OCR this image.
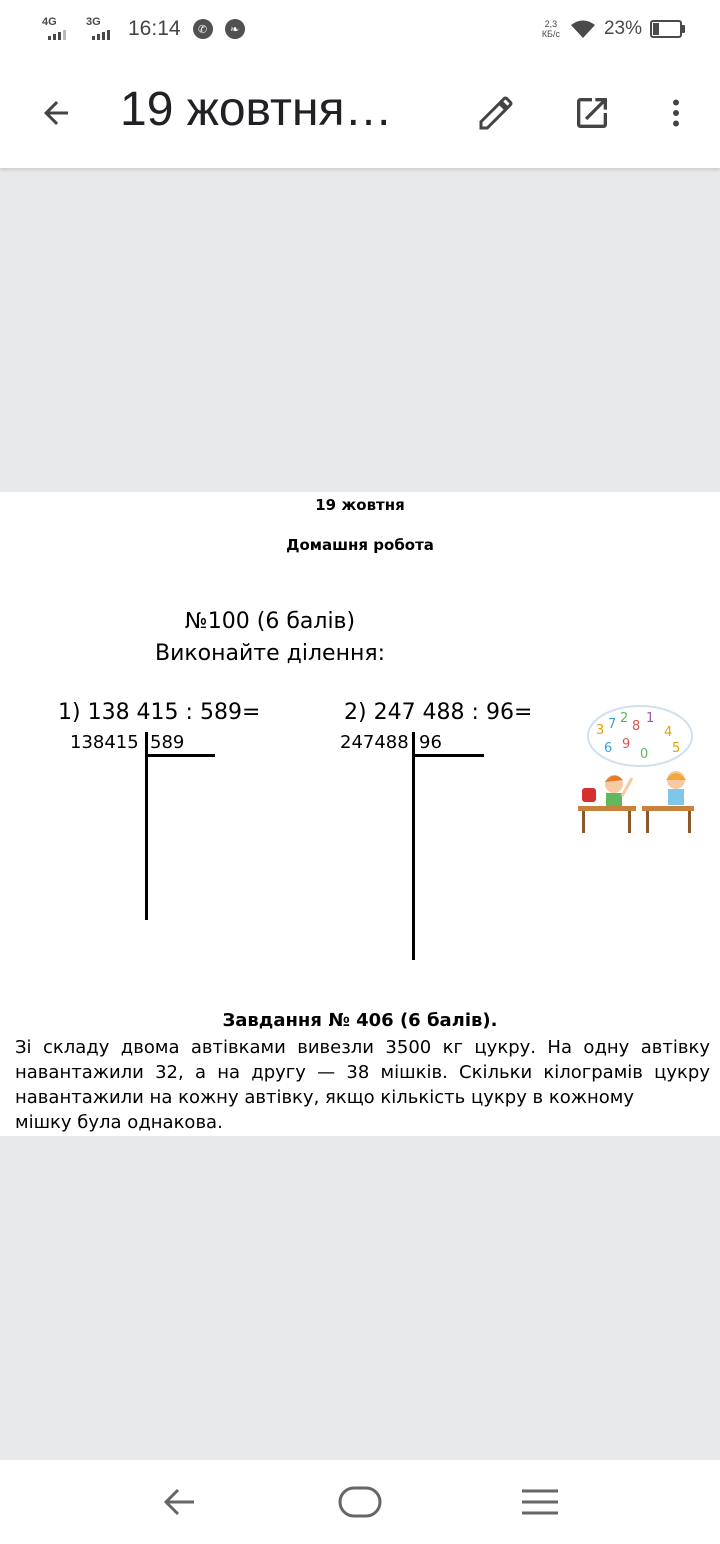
4G	3G 16:14	✆	❧	2,3
КБ/с 23%
19 жовтня…
19 жовтня
Домашня робота
№100 (6 балів)
Виконайте ділення:
1) 138 415 : 589=
138415 589
2) 247 488 : 96=
247488 96
3 7 2
8
1
4
6 9
0 5
Завдання № 406 (6 балів).
Зі складу двома автівками вивезли 3500 кг цукру. На одну автівку
навантажили 32, а на другу — 38 мішків. Скільки кілограмів цукру
навантажили на кожну автівку, якщо кількість цукру в кожному
мішку була однакова.
